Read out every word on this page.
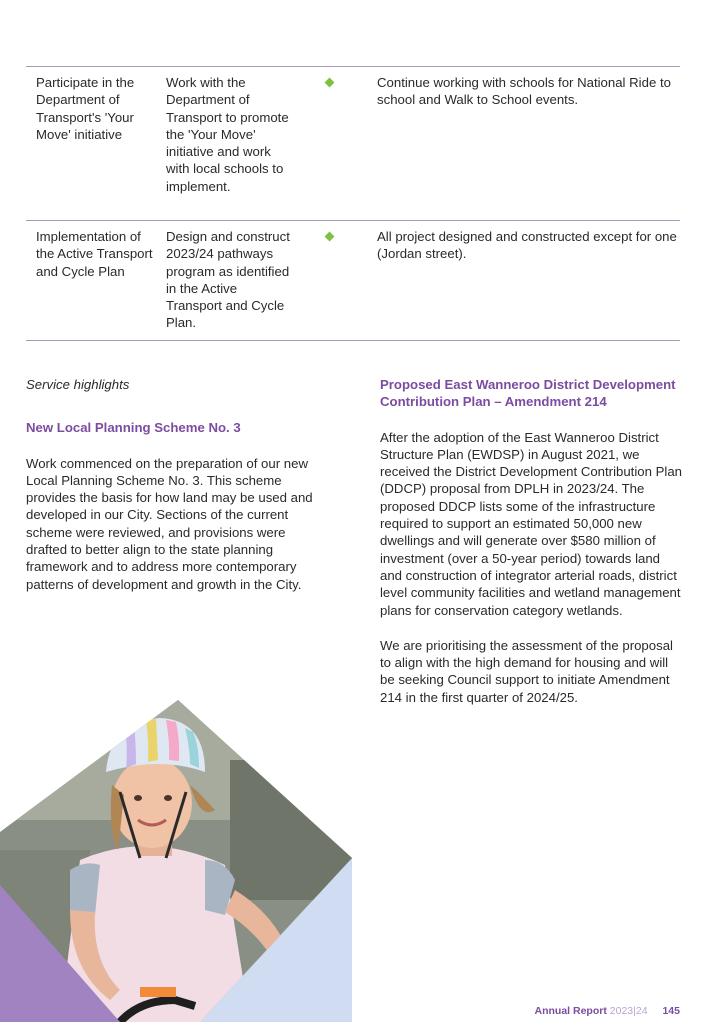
Participate in the Department of Transport's 'Your Move' initiative
Work with the Department of Transport to promote the 'Your Move' initiative and work with local schools to implement.
Continue working with schools for National Ride to school and Walk to School events.
Implementation of the Active Transport and Cycle Plan
Design and construct 2023/24 pathways program as identified in the Active Transport and Cycle Plan.
All project designed and constructed except for one (Jordan street).

Service highlights

New Local Planning Scheme No. 3

Work commenced on the preparation of our new Local Planning Scheme No. 3. This scheme provides the basis for how land may be used and developed in our City. Sections of the current scheme were reviewed, and provisions were drafted to better align to the state planning framework and to address more contemporary patterns of development and growth in the City.

Proposed East Wanneroo District Development Contribution Plan – Amendment 214

After the adoption of the East Wanneroo District Structure Plan (EWDSP) in August 2021, we received the District Development Contribution Plan (DDCP) proposal from DPLH in 2023/24. The proposed DDCP lists some of the infrastructure required to support an estimated 50,000 new dwellings and will generate over $580 million of investment (over a 50-year period) towards land and construction of integrator arterial roads, district level community facilities and wetland management plans for conservation category wetlands.

We are prioritising the assessment of the proposal to align with the high demand for housing and will be seeking Council support to initiate Amendment 214 in the first quarter of 2024/25.

Annual Report 2023|24 145
